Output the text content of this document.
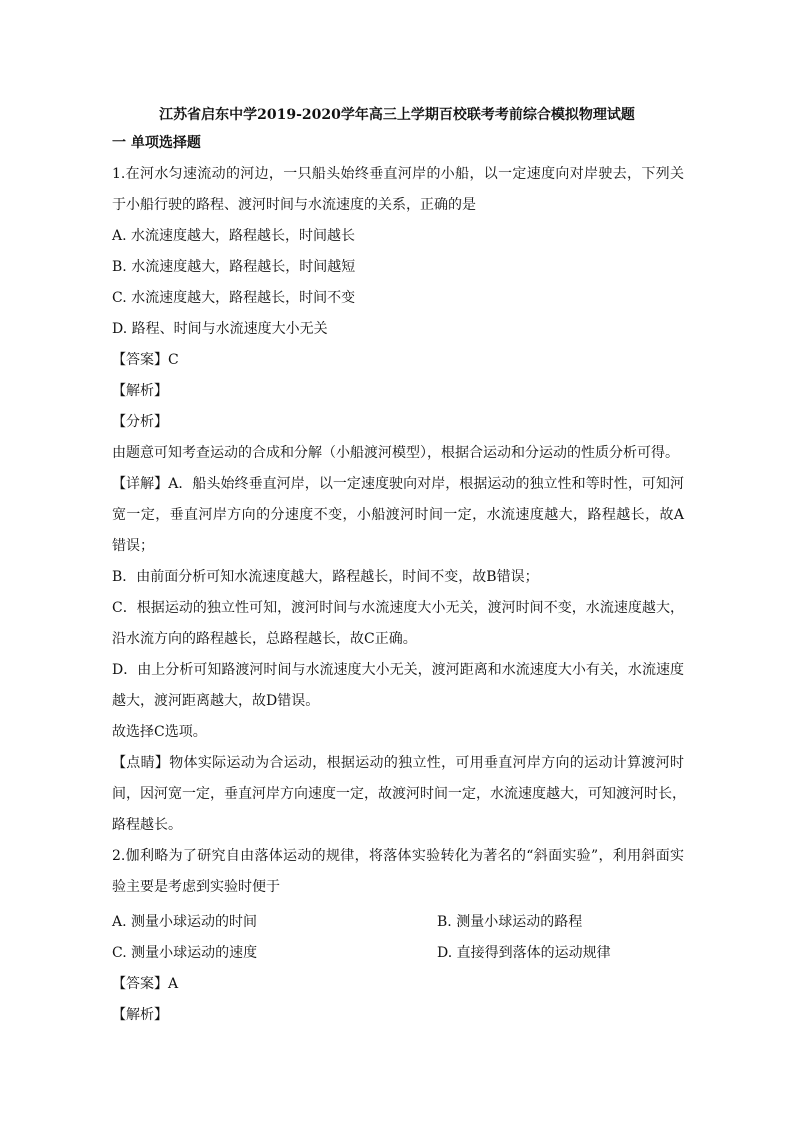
江苏省启东中学2019-2020学年高三上学期百校联考考前综合模拟物理试题
一 单项选择题
1.在河水匀速流动的河边，一只船头始终垂直河岸的小船，以一定速度向对岸驶去，下列关
于小船行驶的路程、渡河时间与水流速度的关系，正确的是
A. 水流速度越大，路程越长，时间越长
B. 水流速度越大，路程越长，时间越短
C. 水流速度越大，路程越长，时间不变
D. 路程、时间与水流速度大小无关
【答案】C
【解析】
【分析】
由题意可知考查运动的合成和分解（小船渡河模型），根据合运动和分运动的性质分析可得。
【详解】A．船头始终垂直河岸，以一定速度驶向对岸，根据运动的独立性和等时性，可知河
宽一定，垂直河岸方向的分速度不变，小船渡河时间一定，水流速度越大，路程越长，故A
错误；
B．由前面分析可知水流速度越大，路程越长，时间不变，故B错误；
C．根据运动的独立性可知，渡河时间与水流速度大小无关，渡河时间不变，水流速度越大，
沿水流方向的路程越长，总路程越长，故C正确。
D．由上分析可知路渡河时间与水流速度大小无关，渡河距离和水流速度大小有关，水流速度
越大，渡河距离越大，故D错误。
故选择C选项。
【点睛】物体实际运动为合运动，根据运动的独立性，可用垂直河岸方向的运动计算渡河时
间，因河宽一定，垂直河岸方向速度一定，故渡河时间一定，水流速度越大，可知渡河时长，
路程越长。
2.伽利略为了研究自由落体运动的规律，将落体实验转化为著名的“斜面实验”，利用斜面实
验主要是考虑到实验时便于
A. 测量小球运动的时间	B. 测量小球运动的路程
C. 测量小球运动的速度	D. 直接得到落体的运动规律
【答案】A
【解析】
